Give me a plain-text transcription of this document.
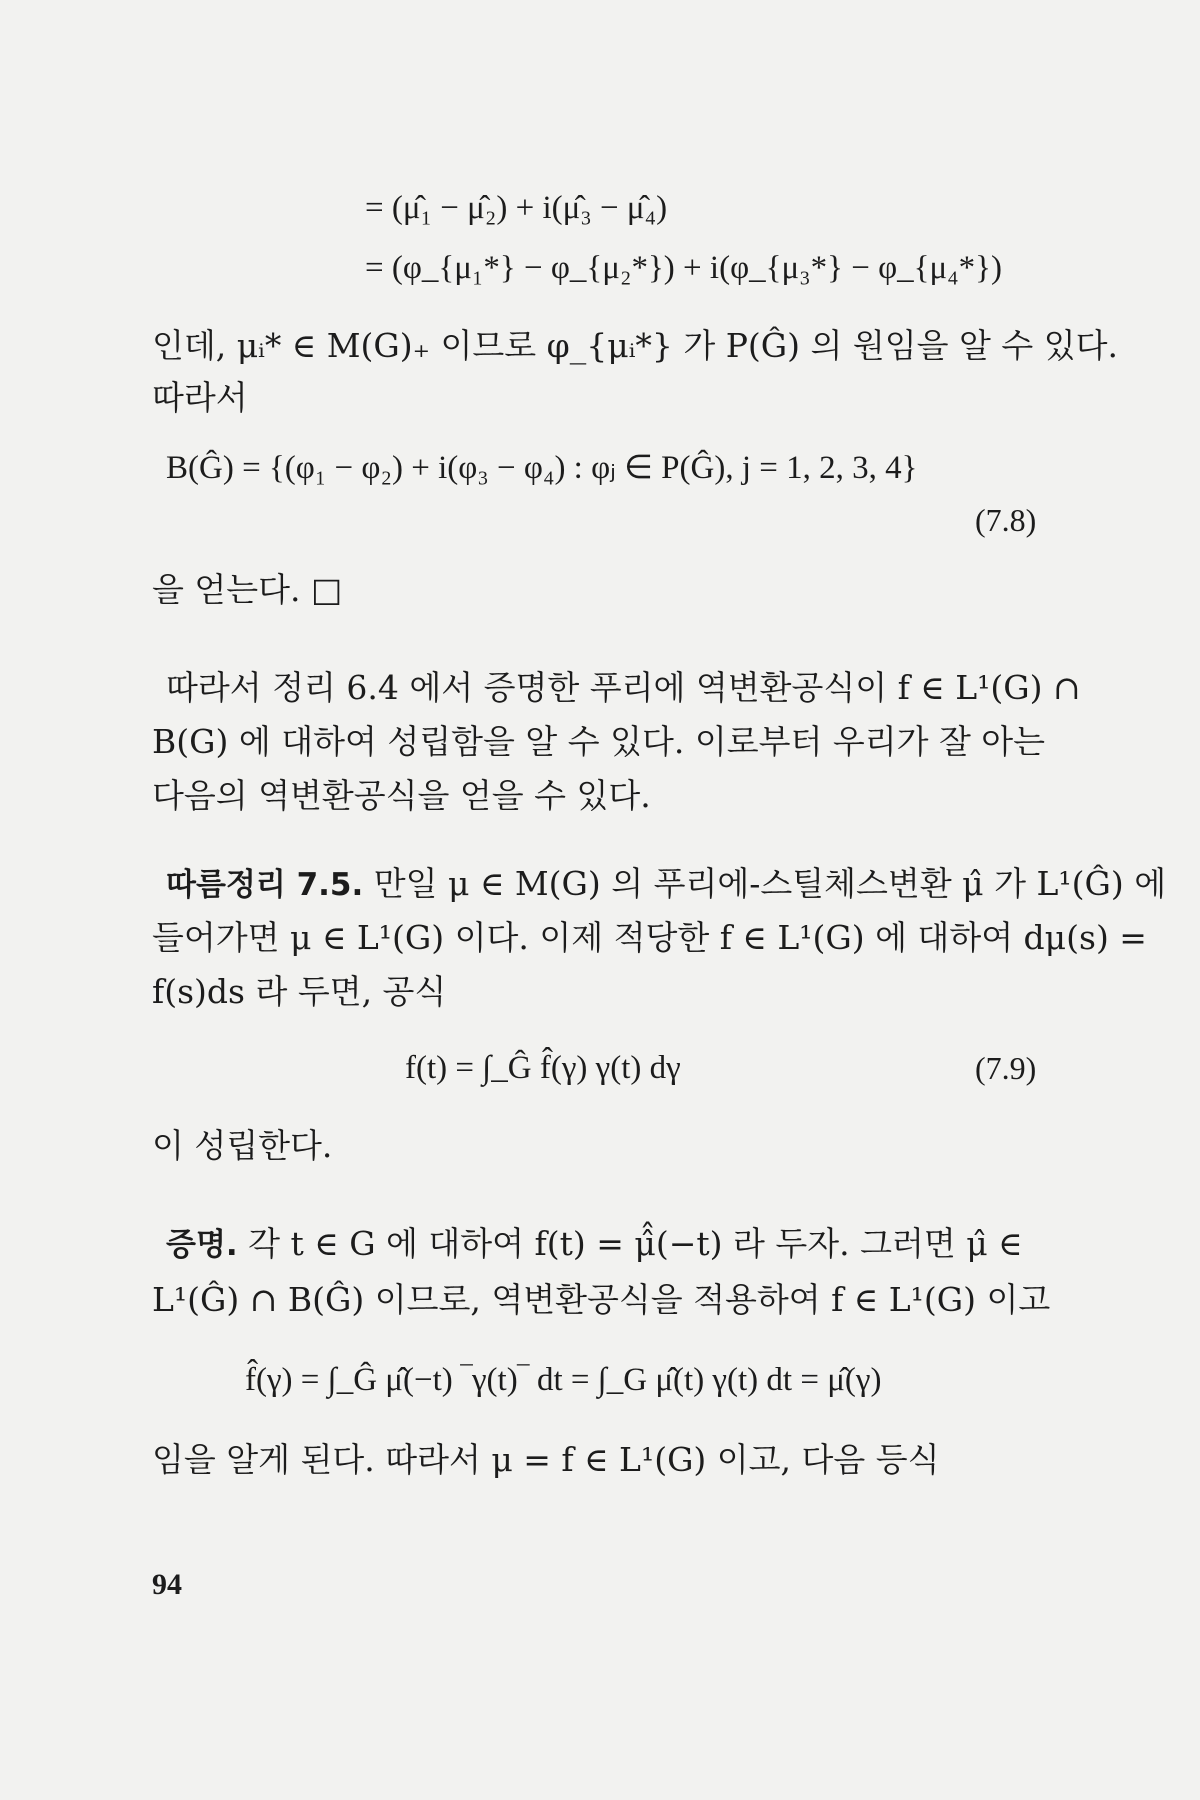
= (μ̂₁ − μ̂₂) + i(μ̂₃ − μ̂₄)
= (φ_{μ₁*} − φ_{μ₂*}) + i(φ_{μ₃*} − φ_{μ₄*})
인데, μᵢ* ∈ M(G)₊ 이므로 φ_{μᵢ*} 가 P(Ĝ) 의 원임을 알 수 있다.
따라서
B(Ĝ) = {(φ₁ − φ₂) + i(φ₃ − φ₄) : φⱼ ∈ P(Ĝ), j = 1, 2, 3, 4}
(7.8)
을 얻는다. □
따라서 정리 6.4 에서 증명한 푸리에 역변환공식이 f ∈ L¹(G) ∩
B(G) 에 대하여 성립함을 알 수 있다. 이로부터 우리가 잘 아는
다음의 역변환공식을 얻을 수 있다.
따름정리 7.5. 만일 μ ∈ M(G) 의 푸리에-스틸체스변환 μ̂ 가 L¹(Ĝ) 에
들어가면 μ ∈ L¹(G) 이다. 이제 적당한 f ∈ L¹(G) 에 대하여 dμ(s) =
f(s)ds 라 두면, 공식
f(t) = ∫_Ĝ f̂(γ) γ(t) dγ	(7.9)
이 성립한다.
증명. 각 t ∈ G 에 대하여 f(t) = μ̂̂(−t) 라 두자. 그러면 μ̂ ∈
L¹(Ĝ) ∩ B(Ĝ) 이므로, 역변환공식을 적용하여 f ∈ L¹(G) 이고
f̂(γ) = ∫_Ĝ μ̂̂(−t) ‾γ(t)‾ dt = ∫_G μ̂̂(t) γ(t) dt = μ̂(γ)
임을 알게 된다. 따라서 μ = f ∈ L¹(G) 이고, 다음 등식
94
